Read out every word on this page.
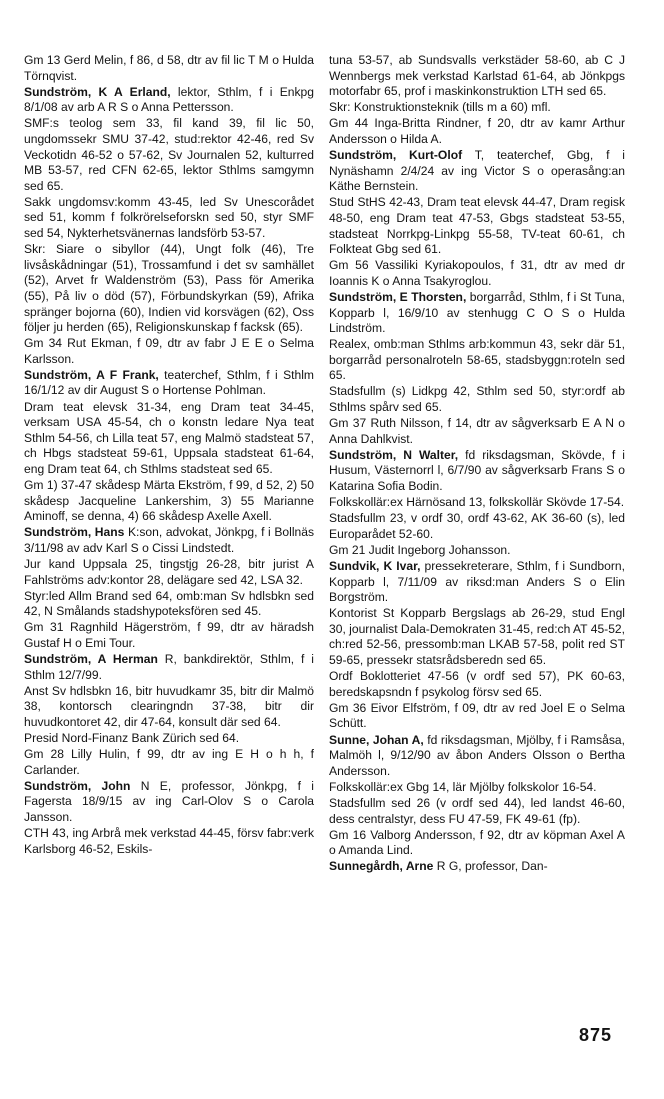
Gm 13 Gerd Melin, f 86, d 58, dtr av fil lic T M o Hulda Törnqvist.

Sundström, K A Erland, lektor, Sthlm, f i Enkpg 8/1/08 av arb A R S o Anna Pettersson.

SMF:s teolog sem 33, fil kand 39, fil lic 50, ungdomssekr SMU 37-42, stud:rektor 42-46, red Sv Veckotidn 46-52 o 57-62, Sv Journalen 52, kulturred MB 53-57, red CFN 62-65, lektor Sthlms samgymn sed 65.

Sakk ungdomsv:komm 43-45, led Sv Unescorådet sed 51, komm f folkrörelseforskn sed 50, styr SMF sed 54, Nykterhetsvänernas landsförb 53-57.

Skr: Siare o sibyllor (44), Ungt folk (46), Tre livsåskådningar (51), Trossamfund i det sv samhället (52), Arvet fr Waldenström (53), Pass för Amerika (55), På liv o död (57), Förbundskyrkan (59), Afrika spränger bojorna (60), Indien vid korsvägen (62), Oss följer ju herden (65), Religionskunskap f facksk (65).

Gm 34 Rut Ekman, f 09, dtr av fabr J E E o Selma Karlsson.

Sundström, A F Frank, teaterchef, Sthlm, f i Sthlm 16/1/12 av dir August S o Hortense Pohlman.

Dram teat elevsk 31-34, eng Dram teat 34-45, verksam USA 45-54, ch o konstn ledare Nya teat Sthlm 54-56, ch Lilla teat 57, eng Malmö stadsteat 57, ch Hbgs stadsteat 59-61, Uppsala stadsteat 61-64, eng Dram teat 64, ch Sthlms stadsteat sed 65.

Gm 1) 37-47 skådesp Märta Ekström, f 99, d 52, 2) 50 skådesp Jacqueline Lankershim, 3) 55 Marianne Aminoff, se denna, 4) 66 skådesp Axelle Axell.

Sundström, Hans K:son, advokat, Jönkpg, f i Bollnäs 3/11/98 av adv Karl S o Cissi Lindstedt.

Jur kand Uppsala 25, tingstjg 26-28, bitr jurist A Fahlströms adv:kontor 28, delägare sed 42, LSA 32.

Styr:led Allm Brand sed 64, omb:man Sv hdlsbkn sed 42, N Smålands stadshypoteksfören sed 45.

Gm 31 Ragnhild Hägerström, f 99, dtr av häradsh Gustaf H o Emi Tour.

Sundström, A Herman R, bankdirektör, Sthlm, f i Sthlm 12/7/99.

Anst Sv hdlsbkn 16, bitr huvudkamr 35, bitr dir Malmö 38, kontorsch clearingndn 37-38, bitr dir huvudkontoret 42, dir 47-64, konsult där sed 64.

Presid Nord-Finanz Bank Zürich sed 64.

Gm 28 Lilly Hulin, f 99, dtr av ing E H o h h, f Carlander.

Sundström, John N E, professor, Jönkpg, f i Fagersta 18/9/15 av ing Carl-Olov S o Carola Jansson.

CTH 43, ing Arbrå mek verkstad 44-45, försv fabr:verk Karlsborg 46-52, Eskils-

tuna 53-57, ab Sundsvalls verkstäder 58-60, ab C J Wennbergs mek verkstad Karlstad 61-64, ab Jönkpgs motorfabr 65, prof i maskinkonstruktion LTH sed 65.

Skr: Konstruktionsteknik (tills m a 60) mfl.

Gm 44 Inga-Britta Rindner, f 20, dtr av kamr Arthur Andersson o Hilda A.

Sundström, Kurt-Olof T, teaterchef, Gbg, f i Nynäshamn 2/4/24 av ing Victor S o operasång:an Käthe Bernstein.

Stud StHS 42-43, Dram teat elevsk 44-47, Dram regisk 48-50, eng Dram teat 47-53, Gbgs stadsteat 53-55, stadsteat Norrkpg-Linkpg 55-58, TV-teat 60-61, ch Folkteat Gbg sed 61.

Gm 56 Vassiliki Kyriakopoulos, f 31, dtr av med dr Ioannis K o Anna Tsakyroglou.

Sundström, E Thorsten, borgarråd, Sthlm, f i St Tuna, Kopparb l, 16/9/10 av stenhugg C O S o Hulda Lindström.

Realex, omb:man Sthlms arb:kommun 43, sekr där 51, borgarråd personalroteln 58-65, stadsbyggn:roteln sed 65.

Stadsfullm (s) Lidkpg 42, Sthlm sed 50, styr:ordf ab Sthlms spårv sed 65.

Gm 37 Ruth Nilsson, f 14, dtr av sågverksarb E A N o Anna Dahlkvist.

Sundström, N Walter, fd riksdagsman, Skövde, f i Husum, Västernorrl l, 6/7/90 av sågverksarb Frans S o Katarina Sofia Bodin.

Folkskollär:ex Härnösand 13, folkskollär Skövde 17-54.

Stadsfullm 23, v ordf 30, ordf 43-62, AK 36-60 (s), led Europarådet 52-60.

Gm 21 Judit Ingeborg Johansson.

Sundvik, K Ivar, pressekreterare, Sthlm, f i Sundborn, Kopparb l, 7/11/09 av riksd:man Anders S o Elin Borgström.

Kontorist St Kopparb Bergslags ab 26-29, stud Engl 30, journalist Dala-Demokraten 31-45, red:ch AT 45-52, ch:red 52-56, pressomb:man LKAB 57-58, polit red ST 59-65, pressekr statsrådsberedn sed 65.

Ordf Boklotteriet 47-56 (v ordf sed 57), PK 60-63, beredskapsndn f psykolog försv sed 65.

Gm 36 Eivor Elfström, f 09, dtr av red Joel E o Selma Schütt.

Sunne, Johan A, fd riksdagsman, Mjölby, f i Ramsåsa, Malmöh l, 9/12/90 av åbon Anders Olsson o Bertha Andersson.

Folkskollär:ex Gbg 14, lär Mjölby folkskolor 16-54.

Stadsfullm sed 26 (v ordf sed 44), led landst 46-60, dess centralstyr, dess FU 47-59, FK 49-61 (fp).

Gm 16 Valborg Andersson, f 92, dtr av köpman Axel A o Amanda Lind.

Sunnegårdh, Arne R G, professor, Dan-

875
